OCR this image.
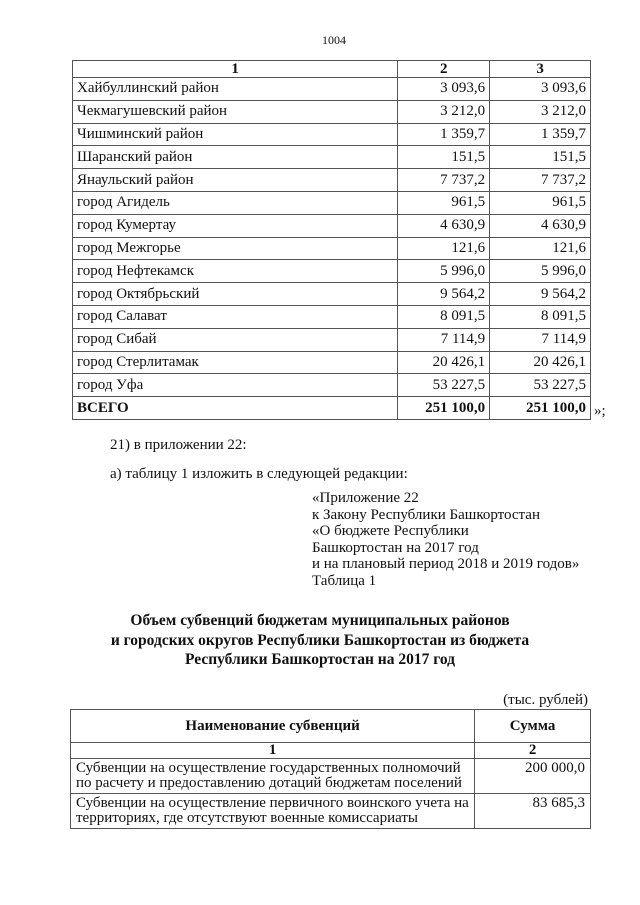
1004
1	2	3
Хайбуллинский район	3 093,6	3 093,6
Чекмагушевский район	3 212,0	3 212,0
Чишминский район	1 359,7	1 359,7
Шаранский район	151,5	151,5
Янаульский район	7 737,2	7 737,2
город Агидель	961,5	961,5
город Кумертау	4 630,9	4 630,9
город Межгорье	121,6	121,6
город Нефтекамск	5 996,0	5 996,0
город Октябрьский	9 564,2	9 564,2
город Салават	8 091,5	8 091,5
город Сибай	7 114,9	7 114,9
город Стерлитамак	20 426,1	20 426,1
город Уфа	53 227,5	53 227,5
ВСЕГО	251 100,0	251 100,0 »;
21) в приложении 22:
а) таблицу 1 изложить в следующей редакции:
«Приложение 22
к Закону Республики Башкортостан
«О бюджете Республики
Башкортостан на 2017 год
и на плановый период 2018 и 2019 годов»
Таблица 1
Объем субвенций бюджетам муниципальных районов
и городских округов Республики Башкортостан из бюджета
Республики Башкортостан на 2017 год
(тыс. рублей)
Наименование субвенций	Сумма
1	2
Субвенции на осуществление государственных полномочий по расчету и предоставлению дотаций бюджетам поселений	200 000,0
Субвенции на осуществление первичного воинского учета на территориях, где отсутствуют военные комиссариаты	83 685,3
